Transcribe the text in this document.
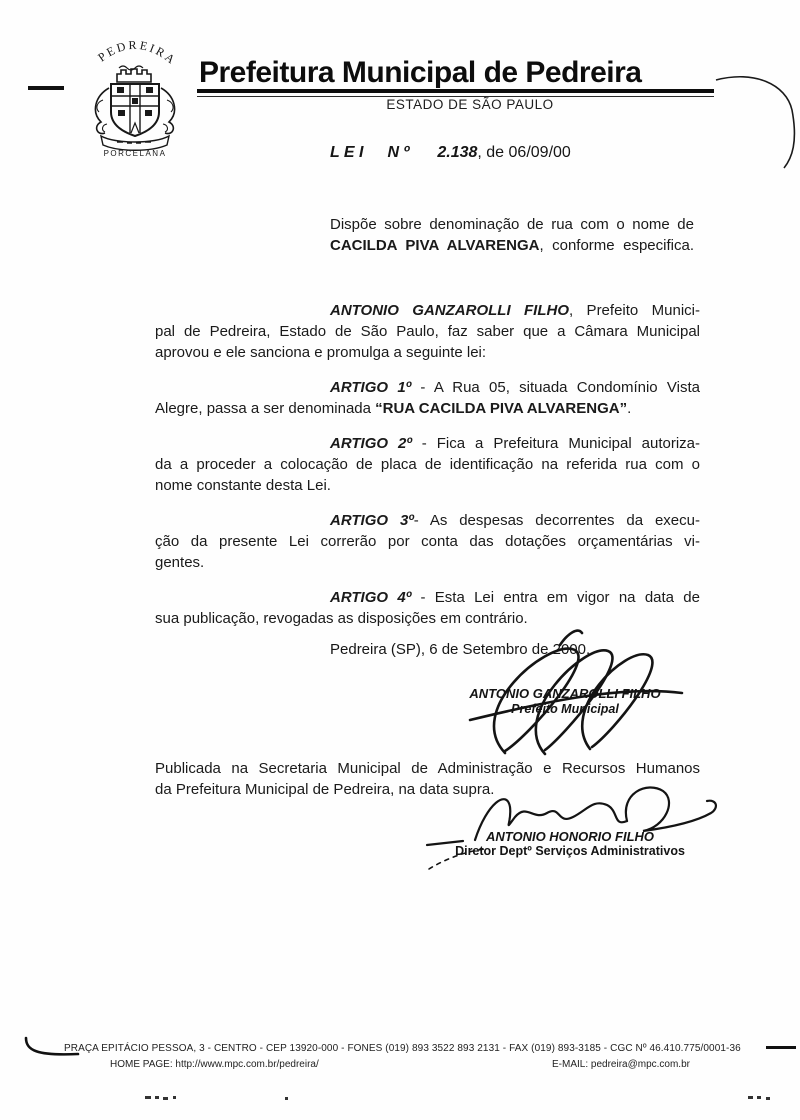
PEDREIRA
PORCELANA
Prefeitura Municipal de Pedreira
ESTADO DE SÃO PAULO
L E I N º 2.138, de 06/09/00
Dispõe sobre denominação de rua com o nome de
CACILDA PIVA ALVARENGA, conforme especifica.
ANTONIO GANZAROLLI FILHO, Prefeito Munici-
pal de Pedreira, Estado de São Paulo, faz saber que a Câmara Municipal
aprovou e ele sanciona e promulga a seguinte lei:
ARTIGO 1º - A Rua 05, situada Condomínio Vista
Alegre, passa a ser denominada “RUA CACILDA PIVA ALVARENGA”.
ARTIGO 2º - Fica a Prefeitura Municipal autoriza-
da a proceder a colocação de placa de identificação na referida rua com o
nome constante desta Lei.
ARTIGO 3º- As despesas decorrentes da execu-
ção da presente Lei correrão por conta das dotações orçamentárias vi-
gentes.
ARTIGO 4º - Esta Lei entra em vigor na data de
sua publicação, revogadas as disposições em contrário.
Pedreira (SP), 6 de Setembro de 2000.
ANTONIO GANZAROLLI FILHO
Prefeito Municipal
Publicada na Secretaria Municipal de Administração e Recursos Humanos
da Prefeitura Municipal de Pedreira, na data supra.
ANTONIO HONORIO FILHO
Diretor Deptº Serviços Administrativos
PRAÇA EPITÁCIO PESSOA, 3 - CENTRO - CEP 13920-000 - FONES (019) 893 3522 893 2131 - FAX (019) 893-3185 - CGC Nº 46.410.775/0001-36
HOME PAGE: http://www.mpc.com.br/pedreira/	E-MAIL: pedreira@mpc.com.br
